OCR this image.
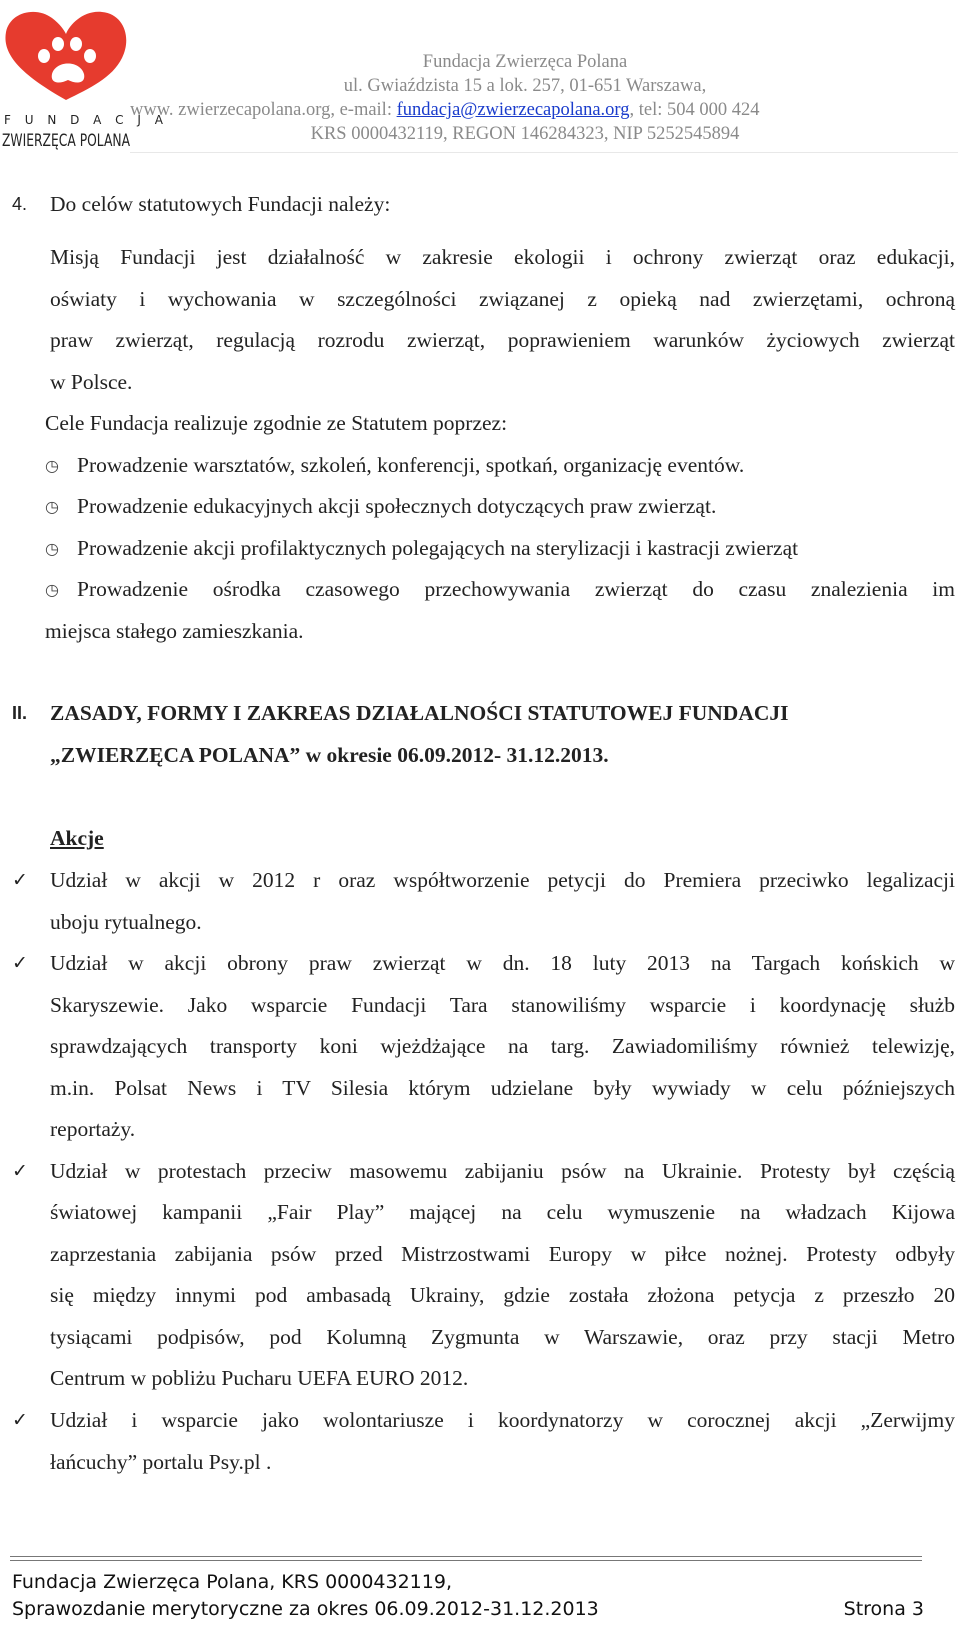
F U N D A C J A
ZWIERZĘCA POLANA
Fundacja Zwierzęca Polana
ul. Gwiaździsta 15 a lok. 257, 01-651 Warszawa,
www. zwierzecapolana.org, e-mail: fundacja@zwierzecapolana.org, tel: 504 000 424
KRS 0000432119, REGON 146284323, NIP 5252545894
4. Do celów statutowych Fundacji należy:
Misją Fundacji jest działalność w zakresie ekologii i ochrony zwierząt oraz edukacji,
oświaty i wychowania w szczególności związanej z opieką nad zwierzętami, ochroną
praw zwierząt, regulacją rozrodu zwierząt, poprawieniem warunków życiowych zwierząt
w Polsce.
Cele Fundacja realizuje zgodnie ze Statutem poprzez:
◷ Prowadzenie warsztatów, szkoleń, konferencji, spotkań, organizację eventów.
◷ Prowadzenie edukacyjnych akcji społecznych dotyczących praw zwierząt.
◷ Prowadzenie akcji profilaktycznych polegających na sterylizacji i kastracji zwierząt
◷ Prowadzenie ośrodka czasowego przechowywania zwierząt do czasu znalezienia im
miejsca stałego zamieszkania.
II. ZASADY, FORMY I ZAKREAS DZIAŁALNOŚCI STATUTOWEJ FUNDACJI
„ZWIERZĘCA POLANA” w okresie 06.09.2012- 31.12.2013.
Akcje
✓ Udział w akcji w 2012 r oraz współtworzenie petycji do Premiera przeciwko legalizacji
uboju rytualnego.
✓ Udział w akcji obrony praw zwierząt w dn. 18 luty 2013 na Targach końskich w
Skaryszewie. Jako wsparcie Fundacji Tara stanowiliśmy wsparcie i koordynację służb
sprawdzających transporty koni wjeżdżające na targ. Zawiadomiliśmy również telewizję,
m.in. Polsat News i TV Silesia którym udzielane były wywiady w celu późniejszych
reportaży.
✓ Udział w protestach przeciw masowemu zabijaniu psów na Ukrainie. Protesty był częścią
światowej kampanii „Fair Play” mającej na celu wymuszenie na władzach Kijowa
zaprzestania zabijania psów przed Mistrzostwami Europy w piłce nożnej. Protesty odbyły
się między innymi pod ambasadą Ukrainy, gdzie została złożona petycja z przeszło 20
tysiącami podpisów, pod Kolumną Zygmunta w Warszawie, oraz przy stacji Metro
Centrum w pobliżu Pucharu UEFA EURO 2012.
✓ Udział i wsparcie jako wolontariusze i koordynatorzy w corocznej akcji „Zerwijmy
łańcuchy” portalu Psy.pl .
Fundacja Zwierzęca Polana, KRS 0000432119,
Sprawozdanie merytoryczne za okres 06.09.2012-31.12.2013	Strona 3
